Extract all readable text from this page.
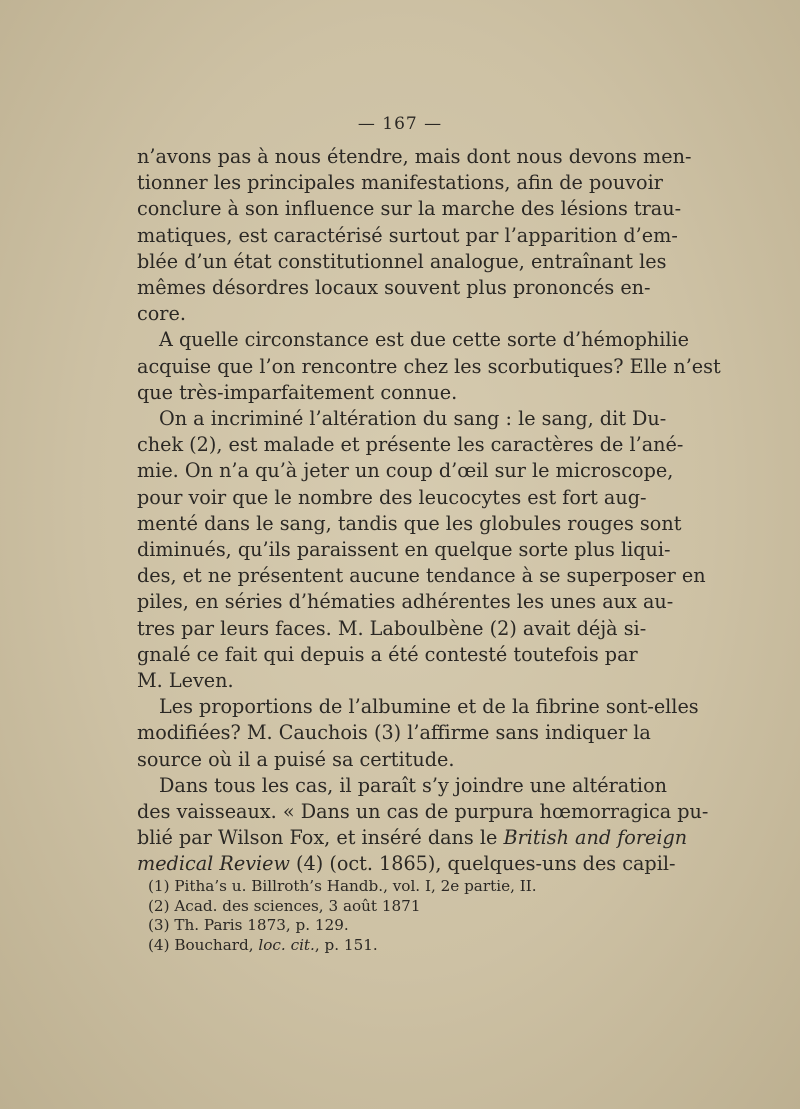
— 167 —

n’avons pas à nous étendre, mais dont nous devons men-
tionner les principales manifestations, afin de pouvoir
conclure à son influence sur la marche des lésions trau-
matiques, est caractérisé surtout par l’apparition d’em-
blée d’un état constitutionnel analogue, entraînant les
mêmes désordres locaux souvent plus prononcés en-
core.

A quelle circonstance est due cette sorte d’hémophilie
acquise que l’on rencontre chez les scorbutiques? Elle n’est
que très-imparfaitement connue.

On a incriminé l’altération du sang : le sang, dit Du-
chek (2), est malade et présente les caractères de l’ané-
mie. On n’a qu’à jeter un coup d’œil sur le microscope,
pour voir que le nombre des leucocytes est fort aug-
menté dans le sang, tandis que les globules rouges sont
diminués, qu’ils paraissent en quelque sorte plus liqui-
des, et ne présentent aucune tendance à se superposer en
piles, en séries d’hématies adhérentes les unes aux au-
tres par leurs faces. M. Laboulbène (2) avait déjà si-
gnalé ce fait qui depuis a été contesté toutefois par
M. Leven.

Les proportions de l’albumine et de la fibrine sont-elles
modifiées? M. Cauchois (3) l’affirme sans indiquer la
source où il a puisé sa certitude.

Dans tous les cas, il paraît s’y joindre une altération
des vaisseaux. « Dans un cas de purpura hœmorragica pu-
blié par Wilson Fox, et inséré dans le British and foreign
medical Review (4) (oct. 1865), quelques-uns des capil-

(1) Pitha’s u. Billroth’s Handb., vol. I, 2e partie, II.
(2) Acad. des sciences, 3 août 1871
(3) Th. Paris 1873, p. 129.
(4) Bouchard, loc. cit., p. 151.
